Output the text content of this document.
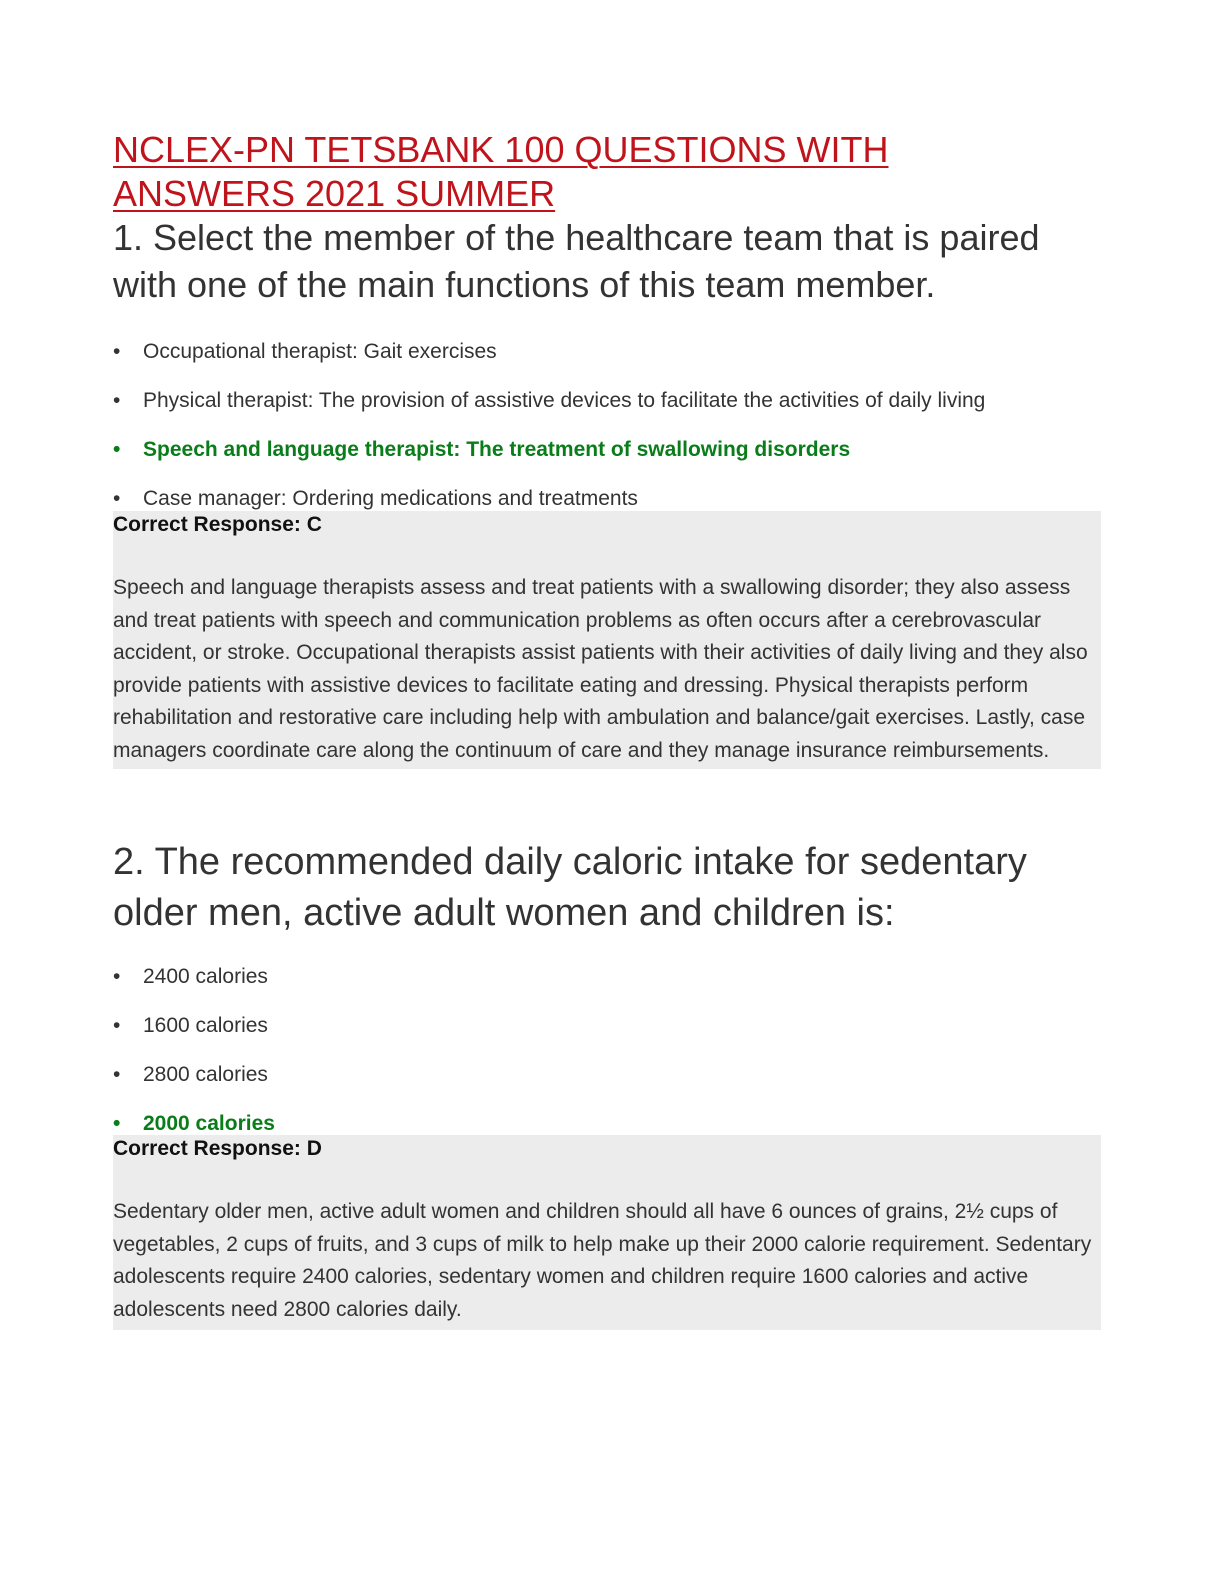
NCLEX-PN TETSBANK 100 QUESTIONS WITH
ANSWERS 2021 SUMMER
1. Select the member of the healthcare team that is paired with one of the main functions of this team member.
• Occupational therapist: Gait exercises
• Physical therapist: The provision of assistive devices to facilitate the activities of daily living
• Speech and language therapist: The treatment of swallowing disorders
• Case manager: Ordering medications and treatments

Correct Response: C

Speech and language therapists assess and treat patients with a swallowing disorder; they also assess and treat patients with speech and communication problems as often occurs after a cerebrovascular accident, or stroke. Occupational therapists assist patients with their activities of daily living and they also provide patients with assistive devices to facilitate eating and dressing. Physical therapists perform rehabilitation and restorative care including help with ambulation and balance/gait exercises. Lastly, case managers coordinate care along the continuum of care and they manage insurance reimbursements.

2. The recommended daily caloric intake for sedentary older men, active adult women and children is:
• 2400 calories
• 1600 calories
• 2800 calories
• 2000 calories

Correct Response: D

Sedentary older men, active adult women and children should all have 6 ounces of grains, 2½ cups of vegetables, 2 cups of fruits, and 3 cups of milk to help make up their 2000 calorie requirement. Sedentary adolescents require 2400 calories, sedentary women and children require 1600 calories and active adolescents need 2800 calories daily.
